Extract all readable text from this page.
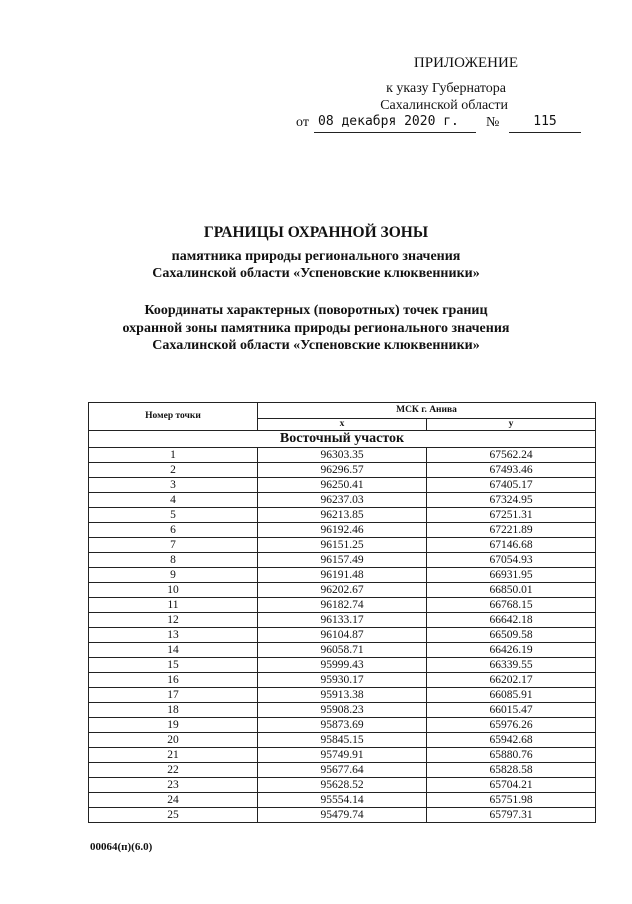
ПРИЛОЖЕНИЕ
к указу Губернатора
Сахалинской области
от 08 декабря 2020 г.	№	115
ГРАНИЦЫ ОХРАННОЙ ЗОНЫ
памятника природы регионального значения
Сахалинской области «Успеновские клюквенники»
Координаты характерных (поворотных) точек границ
охранной зоны памятника природы регионального значения
Сахалинской области «Успеновские клюквенники»
Номер точки	МСК г. Анива	
	x	y
Восточный участок		
1	96303.35	67562.24
2	96296.57	67493.46
3	96250.41	67405.17
4	96237.03	67324.95
5	96213.85	67251.31
6	96192.46	67221.89
7	96151.25	67146.68
8	96157.49	67054.93
9	96191.48	66931.95
10	96202.67	66850.01
11	96182.74	66768.15
12	96133.17	66642.18
13	96104.87	66509.58
14	96058.71	66426.19
15	95999.43	66339.55
16	95930.17	66202.17
17	95913.38	66085.91
18	95908.23	66015.47
19	95873.69	65976.26
20	95845.15	65942.68
21	95749.91	65880.76
22	95677.64	65828.58
23	95628.52	65704.21
24	95554.14	65751.98
25	95479.74	65797.31
00064(п)(6.0)
